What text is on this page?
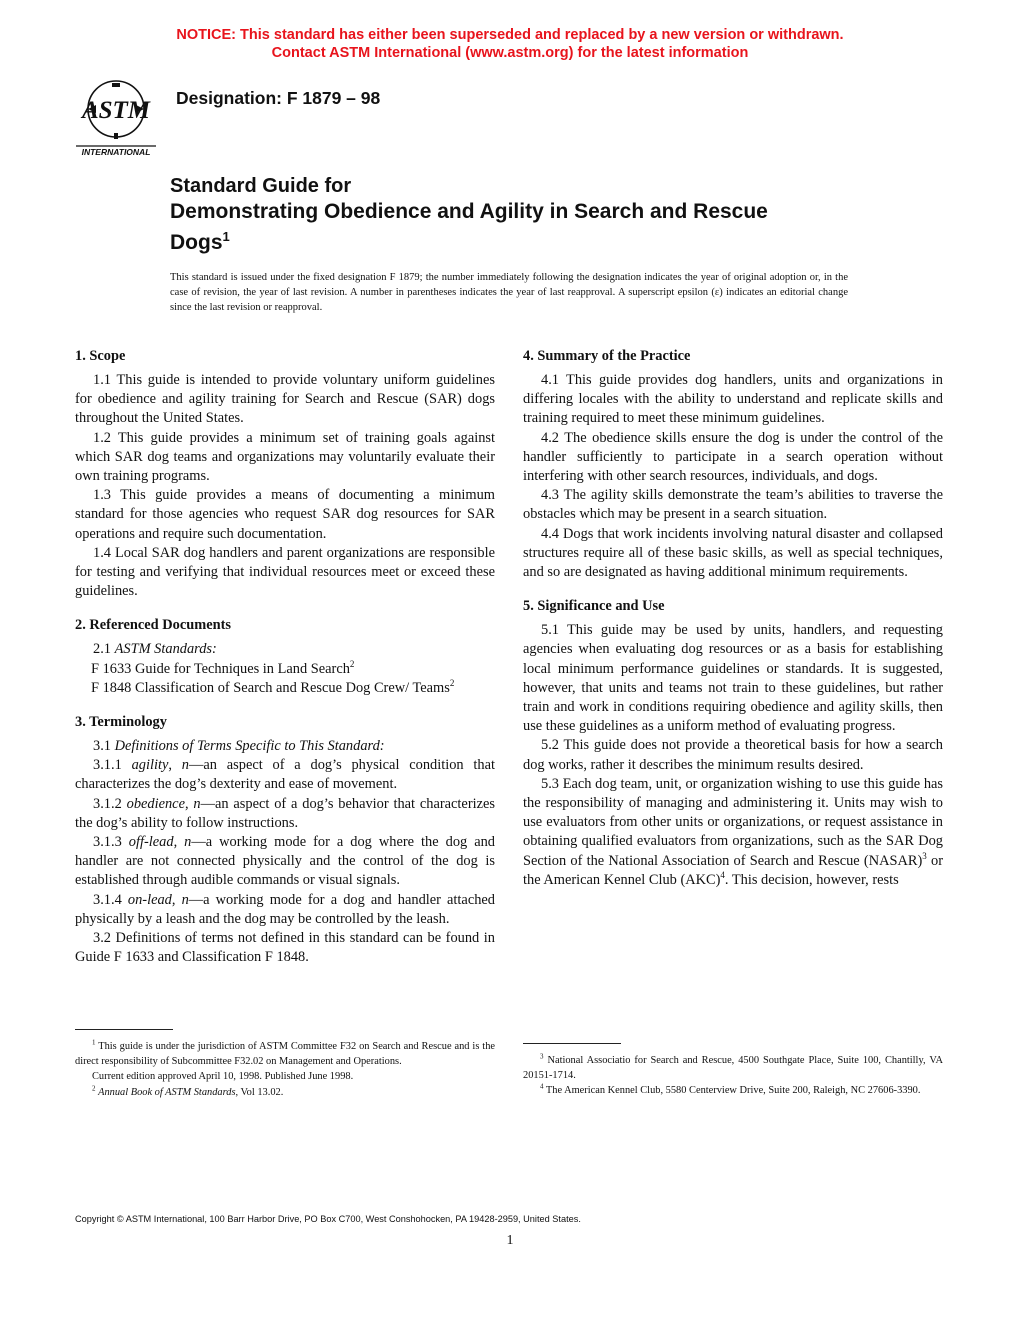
NOTICE: This standard has either been superseded and replaced by a new version or withdrawn.
Contact ASTM International (www.astm.org) for the latest information
ASTM
INTERNATIONAL
Designation: F 1879 – 98
Standard Guide for
Demonstrating Obedience and Agility in Search and Rescue
Dogs$^1$
This standard is issued under the fixed designation F 1879; the number immediately following the designation indicates the year of original adoption or, in the case of revision, the year of last revision. A number in parentheses indicates the year of last reapproval. A superscript epsilon (ε) indicates an editorial change since the last revision or reapproval.
1. Scope

1.1 This guide is intended to provide voluntary uniform guidelines for obedience and agility training for Search and Rescue (SAR) dogs throughout the United States.

1.2 This guide provides a minimum set of training goals against which SAR dog teams and organizations may voluntarily evaluate their own training programs.

1.3 This guide provides a means of documenting a minimum standard for those agencies who request SAR dog resources for SAR operations and require such documentation.

1.4 Local SAR dog handlers and parent organizations are responsible for testing and verifying that individual resources meet or exceed these guidelines.

2. Referenced Documents

2.1 ASTM Standards:

F 1633 Guide for Techniques in Land Search$^2$

F 1848 Classification of Search and Rescue Dog Crew/ Teams$^2$

3. Terminology

3.1 Definitions of Terms Specific to This Standard:

3.1.1 agility, n—an aspect of a dog’s physical condition that characterizes the dog’s dexterity and ease of movement.

3.1.2 obedience, n—an aspect of a dog’s behavior that characterizes the dog’s ability to follow instructions.

3.1.3 off-lead, n—a working mode for a dog where the dog and handler are not connected physically and the control of the dog is established through audible commands or visual signals.

3.1.4 on-lead, n—a working mode for a dog and handler attached physically by a leash and the dog may be controlled by the leash.

3.2 Definitions of terms not defined in this standard can be found in Guide F 1633 and Classification F 1848.

4. Summary of the Practice

4.1 This guide provides dog handlers, units and organizations in differing locales with the ability to understand and replicate skills and training required to meet these minimum guidelines.

4.2 The obedience skills ensure the dog is under the control of the handler sufficiently to participate in a search operation without interfering with other search resources, individuals, and dogs.

4.3 The agility skills demonstrate the team’s abilities to traverse the obstacles which may be present in a search situation.

4.4 Dogs that work incidents involving natural disaster and collapsed structures require all of these basic skills, as well as special techniques, and so are designated as having additional minimum requirements.

5. Significance and Use

5.1 This guide may be used by units, handlers, and requesting agencies when evaluating dog resources or as a basis for establishing local minimum performance guidelines or standards. It is suggested, however, that units and teams not train to these guidelines, but rather train and work in conditions requiring obedience and agility skills, then use these guidelines as a uniform method of evaluating progress.

5.2 This guide does not provide a theoretical basis for how a search dog works, rather it describes the minimum results desired.

5.3 Each dog team, unit, or organization wishing to use this guide has the responsibility of managing and administering it. Units may wish to use evaluators from other units or organizations, or request assistance in obtaining qualified evaluators from organizations, such as the SAR Dog Section of the National Association of Search and Rescue (NASAR)$^3$ or the American Kennel Club (AKC)$^4$. This decision, however, rests

$^1$ This guide is under the jurisdiction of ASTM Committee F32 on Search and Rescue and is the direct responsibility of Subcommittee F32.02 on Management and Operations.

Current edition approved April 10, 1998. Published June 1998.

$^2$ Annual Book of ASTM Standards, Vol 13.02.

$^3$ National Associatio for Search and Rescue, 4500 Southgate Place, Suite 100, Chantilly, VA 20151-1714.

$^4$ The American Kennel Club, 5580 Centerview Drive, Suite 200, Raleigh, NC 27606-3390.

Copyright © ASTM International, 100 Barr Harbor Drive, PO Box C700, West Conshohocken, PA 19428-2959, United States.
1
